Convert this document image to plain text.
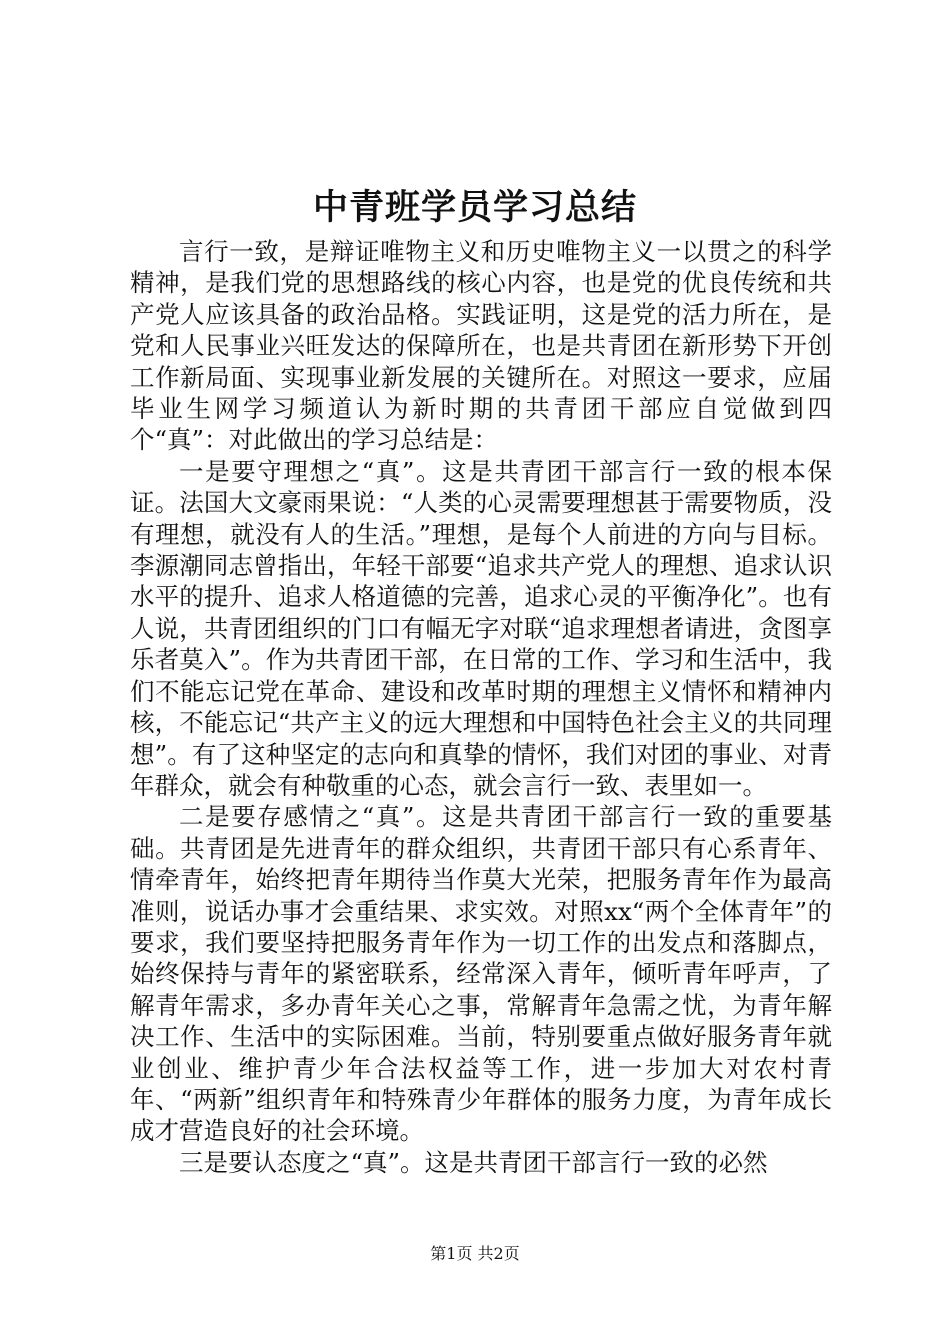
中青班学员学习总结

言行一致，是辩证唯物主义和历史唯物主义一以贯之的科学精神，是我们党的思想路线的核心内容，也是党的优良传统和共产党人应该具备的政治品格。实践证明，这是党的活力所在，是党和人民事业兴旺发达的保障所在，也是共青团在新形势下开创工作新局面、实现事业新发展的关键所在。对照这一要求，应届毕业生网学习频道认为新时期的共青团干部应自觉做到四个“真”：对此做出的学习总结是：

一是要守理想之“真”。这是共青团干部言行一致的根本保证。法国大文豪雨果说：“人类的心灵需要理想甚于需要物质，没有理想，就没有人的生活。”理想，是每个人前进的方向与目标。李源潮同志曾指出，年轻干部要“追求共产党人的理想、追求认识水平的提升、追求人格道德的完善，追求心灵的平衡净化”。也有人说，共青团组织的门口有幅无字对联“追求理想者请进，贪图享乐者莫入”。作为共青团干部，在日常的工作、学习和生活中，我们不能忘记党在革命、建设和改革时期的理想主义情怀和精神内核，不能忘记“共产主义的远大理想和中国特色社会主义的共同理想”。有了这种坚定的志向和真挚的情怀，我们对团的事业、对青年群众，就会有种敬重的心态，就会言行一致、表里如一。

二是要存感情之“真”。这是共青团干部言行一致的重要基础。共青团是先进青年的群众组织，共青团干部只有心系青年、情牵青年，始终把青年期待当作莫大光荣，把服务青年作为最高准则，说话办事才会重结果、求实效。对照xx“两个全体青年”的要求，我们要坚持把服务青年作为一切工作的出发点和落脚点，始终保持与青年的紧密联系，经常深入青年，倾听青年呼声，了解青年需求，多办青年关心之事，常解青年急需之忧，为青年解决工作、生活中的实际困难。当前，特别要重点做好服务青年就业创业、维护青少年合法权益等工作，进一步加大对农村青年、“两新”组织青年和特殊青少年群体的服务力度，为青年成长成才营造良好的社会环境。

三是要认态度之“真”。这是共青团干部言行一致的必然

第1页 共2页
